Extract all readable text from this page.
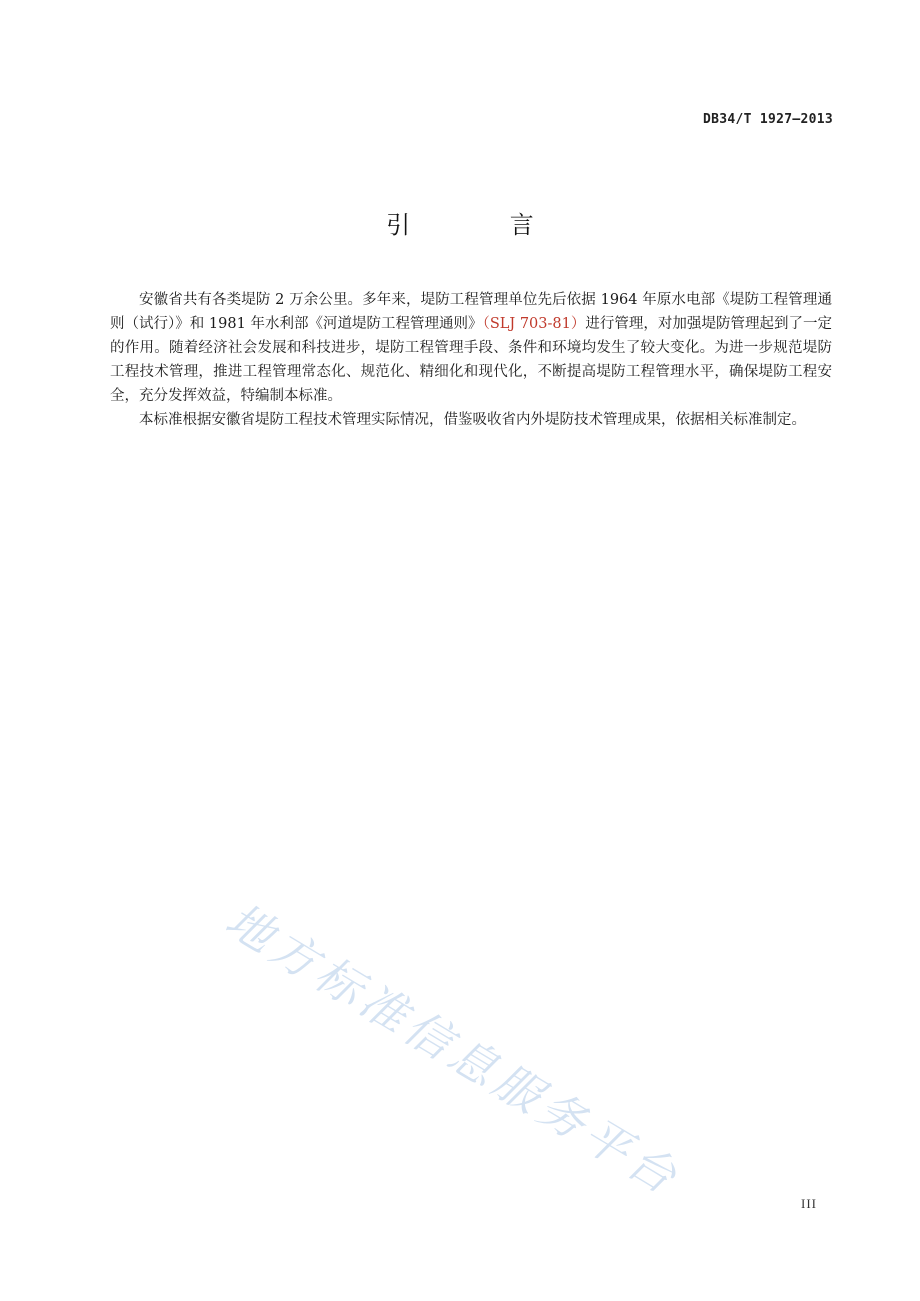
DB34/T 1927—2013
引 言

安徽省共有各类堤防 2 万余公里。多年来，堤防工程管理单位先后依据 1964 年原水电部《堤防工程管理通则（试行）》和 1981 年水利部《河道堤防工程管理通则》（SLJ 703-81）进行管理，对加强堤防管理起到了一定的作用。随着经济社会发展和科技进步，堤防工程管理手段、条件和环境均发生了较大变化。为进一步规范堤防工程技术管理，推进工程管理常态化、规范化、精细化和现代化，不断提高堤防工程管理水平，确保堤防工程安全，充分发挥效益，特编制本标准。

本标准根据安徽省堤防工程技术管理实际情况，借鉴吸收省内外堤防技术管理成果，依据相关标准制定。

地方标准信息服务平台	III
